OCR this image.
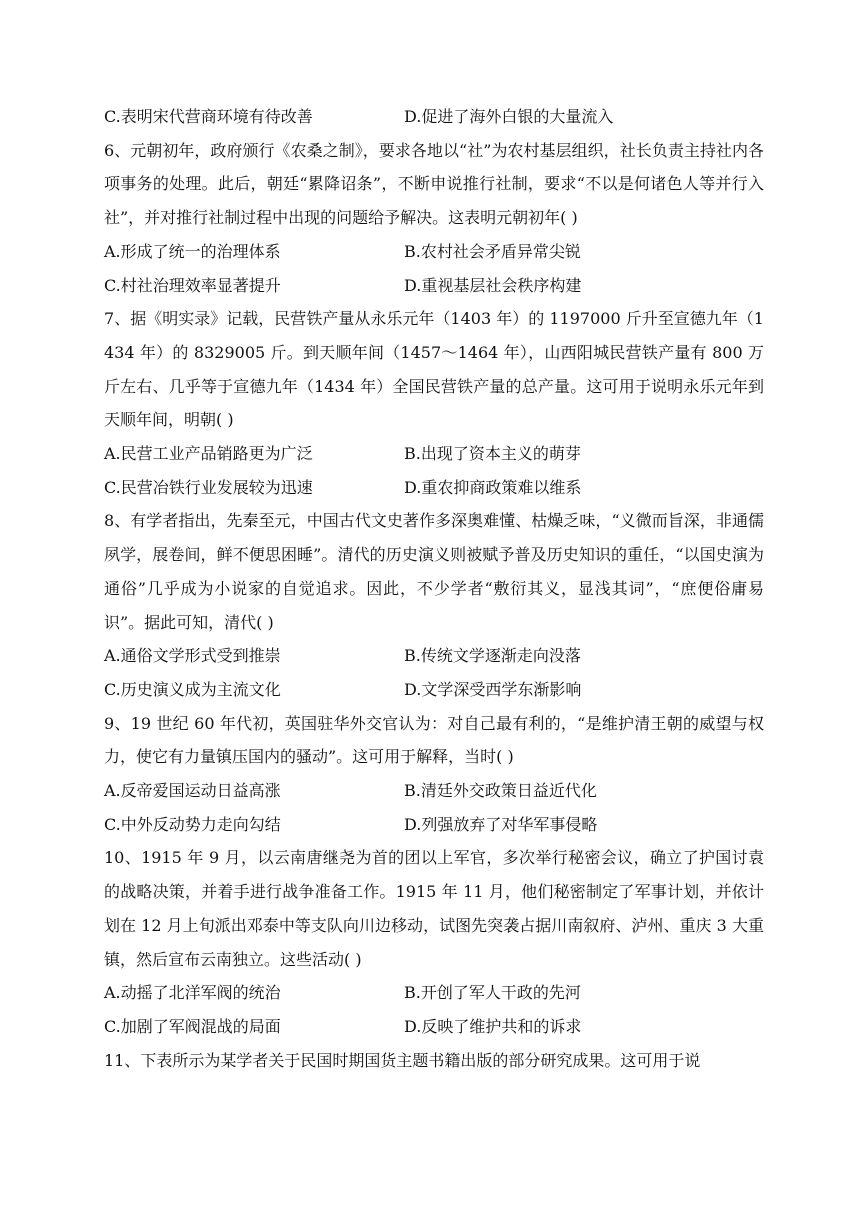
C.表明宋代营商环境有待改善	D.促进了海外白银的大量流入
6、元朝初年，政府颁行《农桑之制》，要求各地以“社”为农村基层组织，社长负责主持社内各项事务的处理。此后，朝廷“累降诏条”，不断申说推行社制，要求“不以是何诸色人等并行入社”，并对推行社制过程中出现的问题给予解决。这表明元朝初年( )
A.形成了统一的治理体系	B.农村社会矛盾异常尖锐
C.村社治理效率显著提升	D.重视基层社会秩序构建
7、据《明实录》记载，民营铁产量从永乐元年（1403 年）的 1197000 斤升至宣德九年（1434 年）的 8329005 斤。到天顺年间（1457～1464 年），山西阳城民营铁产量有 800 万斤左右、几乎等于宣德九年（1434 年）全国民营铁产量的总产量。这可用于说明永乐元年到天顺年间，明朝( )
A.民营工业产品销路更为广泛	B.出现了资本主义的萌芽
C.民营冶铁行业发展较为迅速	D.重农抑商政策难以维系
8、有学者指出，先秦至元，中国古代文史著作多深奥难懂、枯燥乏味，“义微而旨深，非通儒夙学，展卷间，鲜不便思困睡”。清代的历史演义则被赋予普及历史知识的重任，“以国史演为通俗”几乎成为小说家的自觉追求。因此，不少学者“敷衍其义，显浅其词”，“庶便俗庸易识”。据此可知，清代( )
A.通俗文学形式受到推崇	B.传统文学逐渐走向没落
C.历史演义成为主流文化	D.文学深受西学东渐影响
9、19 世纪 60 年代初，英国驻华外交官认为：对自己最有利的，“是维护清王朝的威望与权力，使它有力量镇压国内的骚动”。这可用于解释，当时( )
A.反帝爱国运动日益高涨	B.清廷外交政策日益近代化
C.中外反动势力走向勾结	D.列强放弃了对华军事侵略
10、1915 年 9 月，以云南唐继尧为首的团以上军官，多次举行秘密会议，确立了护国讨袁的战略决策，并着手进行战争准备工作。1915 年 11 月，他们秘密制定了军事计划，并依计划在 12 月上旬派出邓泰中等支队向川边移动，试图先突袭占据川南叙府、泸州、重庆 3 大重镇，然后宣布云南独立。这些活动( )
A.动摇了北洋军阀的统治	B.开创了军人干政的先河
C.加剧了军阀混战的局面	D.反映了维护共和的诉求
11、下表所示为某学者关于民国时期国货主题书籍出版的部分研究成果。这可用于说
